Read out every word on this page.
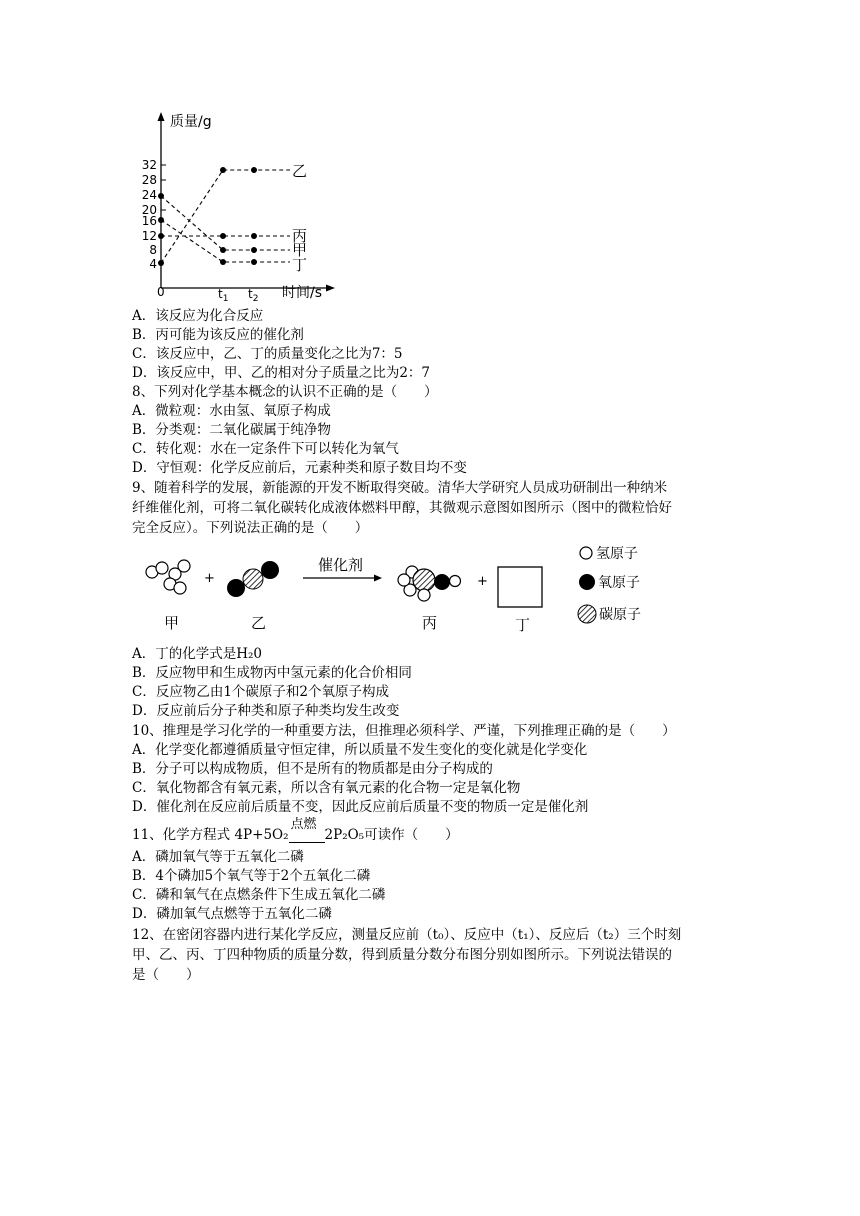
质量/g
时间/s
0	$t_1$ $t_2$
32
28
24
20
16
12
8
4
乙
丙
甲
丁
A．该反应为化合反应
B．丙可能为该反应的催化剂
C．该反应中，乙、丁的质量变化之比为7：5
D．该反应中，甲、乙的相对分子质量之比为2：7
8、下列对化学基本概念的认识不正确的是（　　）
A．微粒观：水由氢、氧原子构成
B．分类观：二氧化碳属于纯净物
C．转化观：水在一定条件下可以转化为氧气
D．守恒观：化学反应前后，元素种类和原子数目均不变
9、随着科学的发展，新能源的开发不断取得突破。清华大学研究人员成功研制出一种纳米
纤维催化剂，可将二氧化碳转化成液体燃料甲醇，其微观示意图如图所示（图中的微粒恰好
完全反应）。下列说法正确的是（　　）
+
催化剂
+
甲	乙	丙	丁
氢原子
氧原子
碳原子
A．丁的化学式是H₂0
B．反应物甲和生成物丙中氢元素的化合价相同
C．反应物乙由1个碳原子和2个氧原子构成
D．反应前后分子种类和原子种类均发生改变
10、推理是学习化学的一种重要方法，但推理必须科学、严谨，下列推理正确的是（　　）
A．化学变化都遵循质量守恒定律，所以质量不发生变化的变化就是化学变化
B．分子可以构成物质，但不是所有的物质都是由分子构成的
C．氧化物都含有氧元素，所以含有氧元素的化合物一定是氧化物
D．催化剂在反应前后质量不变，因此反应前后质量不变的物质一定是催化剂
11、化学方程式 4P+5O₂
点燃
2P₂O₅可读作（　　）
A．磷加氧气等于五氧化二磷
B．4个磷加5个氧气等于2个五氧化二磷
C．磷和氧气在点燃条件下生成五氧化二磷
D．磷加氧气点燃等于五氧化二磷
12、在密闭容器内进行某化学反应，测量反应前（t₀）、反应中（t₁）、反应后（t₂）三个时刻
甲、乙、丙、丁四种物质的质量分数，得到质量分数分布图分别如图所示。下列说法错误的
是（　　）
